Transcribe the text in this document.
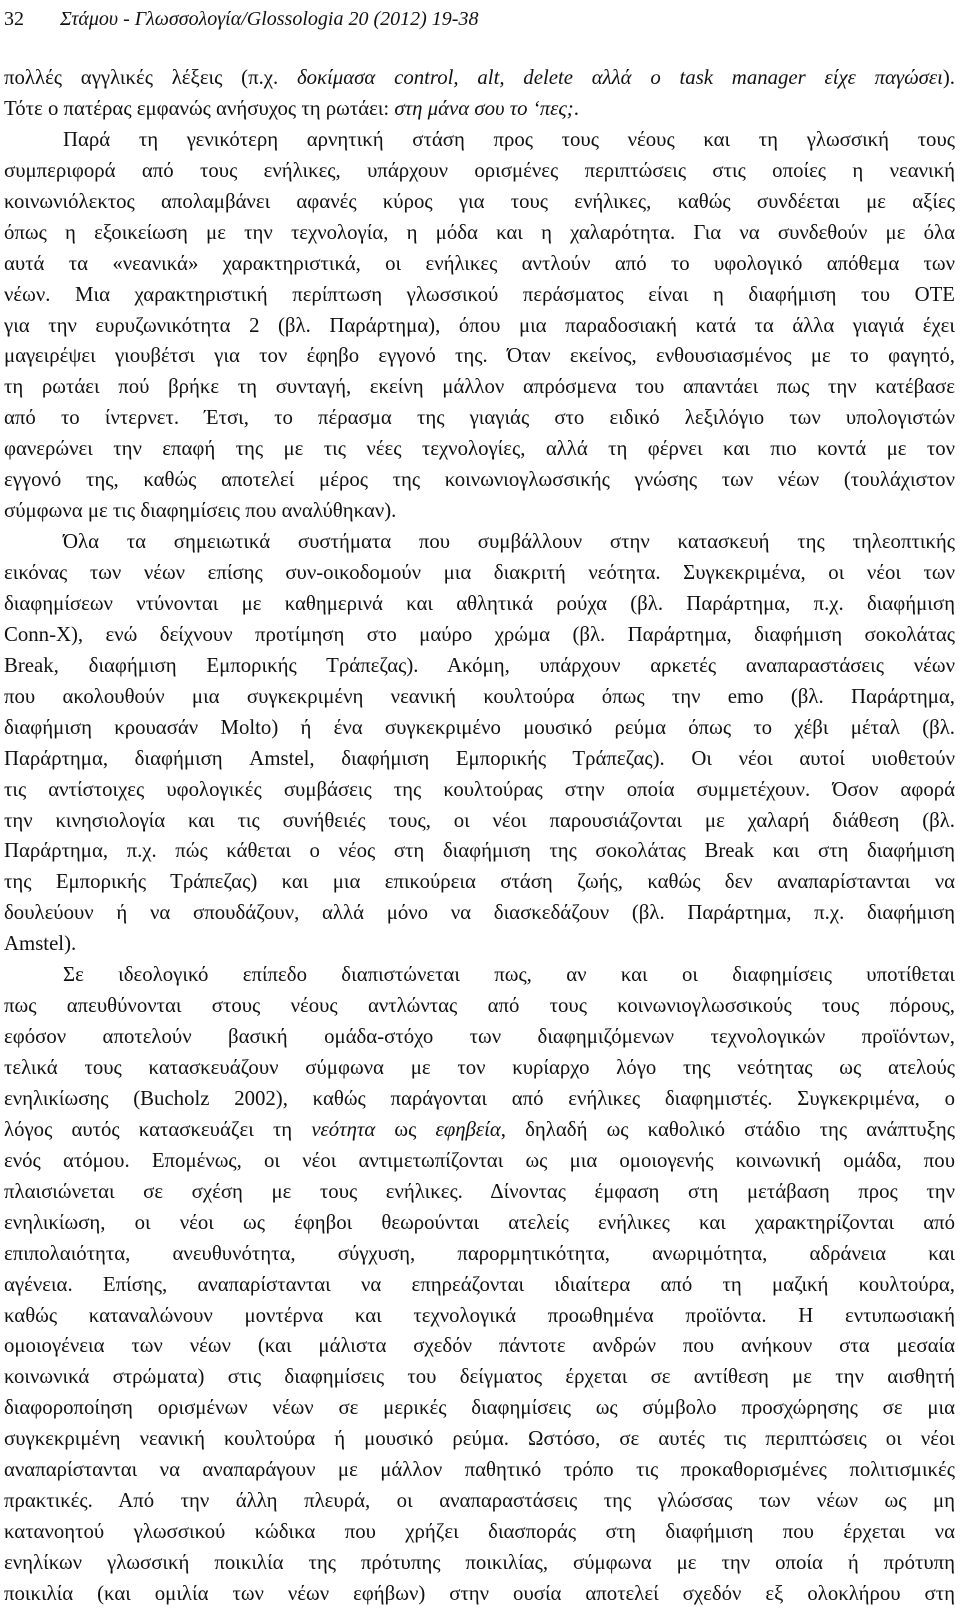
32 Στάμου - Γλωσσολογία/Glossologia 20 (2012) 19-38
πολλές αγγλικές λέξεις (π.χ. δοκίμασα control, alt, delete αλλά ο task manager είχε παγώσει).
Τότε ο πατέρας εμφανώς ανήσυχος τη ρωτάει: στη μάνα σου το ‘πες;.
Παρά τη γενικότερη αρνητική στάση προς τους νέους και τη γλωσσική τους
συμπεριφορά από τους ενήλικες, υπάρχουν ορισμένες περιπτώσεις στις οποίες η νεανική
κοινωνιόλεκτος απολαμβάνει αφανές κύρος για τους ενήλικες, καθώς συνδέεται με αξίες
όπως η εξοικείωση με την τεχνολογία, η μόδα και η χαλαρότητα. Για να συνδεθούν με όλα
αυτά τα «νεανικά» χαρακτηριστικά, οι ενήλικες αντλούν από το υφολογικό απόθεμα των
νέων. Μια χαρακτηριστική περίπτωση γλωσσικού περάσματος είναι η διαφήμιση του ΟΤΕ
για την ευρυζωνικότητα 2 (βλ. Παράρτημα), όπου μια παραδοσιακή κατά τα άλλα γιαγιά έχει
μαγειρέψει γιουβέτσι για τον έφηβο εγγονό της. Όταν εκείνος, ενθουσιασμένος με το φαγητό,
τη ρωτάει πού βρήκε τη συνταγή, εκείνη μάλλον απρόσμενα του απαντάει πως την κατέβασε
από το ίντερνετ. Έτσι, το πέρασμα της γιαγιάς στο ειδικό λεξιλόγιο των υπολογιστών
φανερώνει την επαφή της με τις νέες τεχνολογίες, αλλά τη φέρνει και πιο κοντά με τον
εγγονό της, καθώς αποτελεί μέρος της κοινωνιογλωσσικής γνώσης των νέων (τουλάχιστον
σύμφωνα με τις διαφημίσεις που αναλύθηκαν).
Όλα τα σημειωτικά συστήματα που συμβάλλουν στην κατασκευή της τηλεοπτικής
εικόνας των νέων επίσης συν-οικοδομούν μια διακριτή νεότητα. Συγκεκριμένα, οι νέοι των
διαφημίσεων ντύνονται με καθημερινά και αθλητικά ρούχα (βλ. Παράρτημα, π.χ. διαφήμιση
Conn-X), ενώ δείχνουν προτίμηση στο μαύρο χρώμα (βλ. Παράρτημα, διαφήμιση σοκολάτας
Break, διαφήμιση Εμπορικής Τράπεζας). Ακόμη, υπάρχουν αρκετές αναπαραστάσεις νέων
που ακολουθούν μια συγκεκριμένη νεανική κουλτούρα όπως την emo (βλ. Παράρτημα,
διαφήμιση κρουασάν Molto) ή ένα συγκεκριμένο μουσικό ρεύμα όπως το χέβι μέταλ (βλ.
Παράρτημα, διαφήμιση Amstel, διαφήμιση Εμπορικής Τράπεζας). Οι νέοι αυτοί υιοθετούν
τις αντίστοιχες υφολογικές συμβάσεις της κουλτούρας στην οποία συμμετέχουν. Όσον αφορά
την κινησιολογία και τις συνήθειές τους, οι νέοι παρουσιάζονται με χαλαρή διάθεση (βλ.
Παράρτημα, π.χ. πώς κάθεται ο νέος στη διαφήμιση της σοκολάτας Break και στη διαφήμιση
της Εμπορικής Τράπεζας) και μια επικούρεια στάση ζωής, καθώς δεν αναπαρίστανται να
δουλεύουν ή να σπουδάζουν, αλλά μόνο να διασκεδάζουν (βλ. Παράρτημα, π.χ. διαφήμιση
Amstel).
Σε ιδεολογικό επίπεδο διαπιστώνεται πως, αν και οι διαφημίσεις υποτίθεται
πως απευθύνονται στους νέους αντλώντας από τους κοινωνιογλωσσικούς τους πόρους,
εφόσον αποτελούν βασική ομάδα-στόχο των διαφημιζόμενων τεχνολογικών προϊόντων,
τελικά τους κατασκευάζουν σύμφωνα με τον κυρίαρχο λόγο της νεότητας ως ατελούς
ενηλικίωσης (Bucholz 2002), καθώς παράγονται από ενήλικες διαφημιστές. Συγκεκριμένα, ο
λόγος αυτός κατασκευάζει τη νεότητα ως εφηβεία, δηλαδή ως καθολικό στάδιο της ανάπτυξης
ενός ατόμου. Επομένως, οι νέοι αντιμετωπίζονται ως μια ομοιογενής κοινωνική ομάδα, που
πλαισιώνεται σε σχέση με τους ενήλικες. Δίνοντας έμφαση στη μετάβαση προς την
ενηλικίωση, οι νέοι ως έφηβοι θεωρούνται ατελείς ενήλικες και χαρακτηρίζονται από
επιπολαιότητα, ανευθυνότητα, σύγχυση, παρορμητικότητα, ανωριμότητα, αδράνεια και
αγένεια. Επίσης, αναπαρίστανται να επηρεάζονται ιδιαίτερα από τη μαζική κουλτούρα,
καθώς καταναλώνουν μοντέρνα και τεχνολογικά προωθημένα προϊόντα. Η εντυπωσιακή
ομοιογένεια των νέων (και μάλιστα σχεδόν πάντοτε ανδρών που ανήκουν στα μεσαία
κοινωνικά στρώματα) στις διαφημίσεις του δείγματος έρχεται σε αντίθεση με την αισθητή
διαφοροποίηση ορισμένων νέων σε μερικές διαφημίσεις ως σύμβολο προσχώρησης σε μια
συγκεκριμένη νεανική κουλτούρα ή μουσικό ρεύμα. Ωστόσο, σε αυτές τις περιπτώσεις οι νέοι
αναπαρίστανται να αναπαράγουν με μάλλον παθητικό τρόπο τις προκαθορισμένες πολιτισμικές
πρακτικές. Από την άλλη πλευρά, οι αναπαραστάσεις της γλώσσας των νέων ως μη
κατανοητού γλωσσικού κώδικα που χρήζει διασποράς στη διαφήμιση που έρχεται να
ενηλίκων γλωσσική ποικιλία της πρότυπης ποικιλίας, σύμφωνα με την οποία ή πρότυπη
ποικιλία (και ομιλία των νέων εφήβων) στην ουσία αποτελεί σχεδόν εξ ολοκλήρου στη
